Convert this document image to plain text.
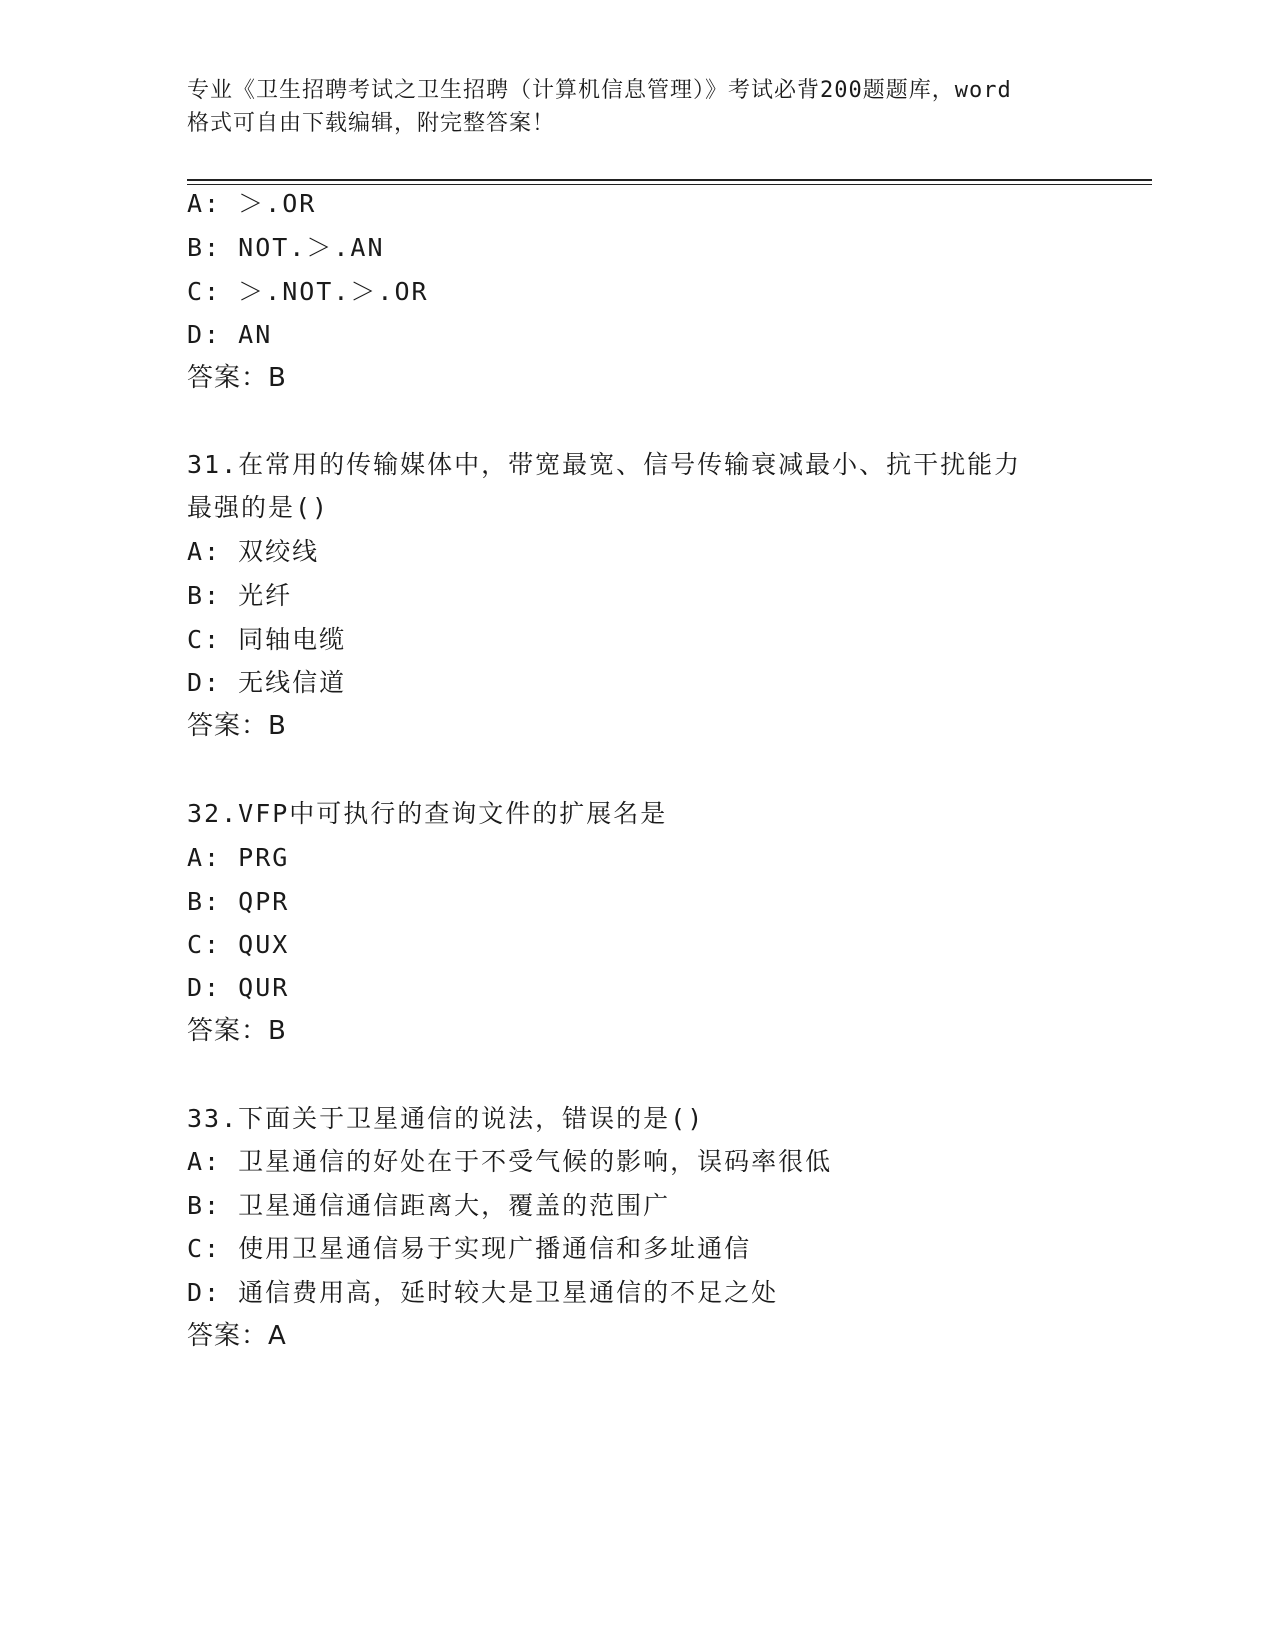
专业《卫生招聘考试之卫生招聘（计算机信息管理）》考试必背200题题库，word
格式可自由下载编辑，附完整答案！
A: ＞.OR
B: NOT.＞.AN
C: ＞.NOT.＞.OR
D: AN
答案：B
31.在常用的传输媒体中，带宽最宽、信号传输衰减最小、抗干扰能力
最强的是()
A: 双绞线
B: 光纤
C: 同轴电缆
D: 无线信道
答案：B
32.VFP中可执行的查询文件的扩展名是
A: PRG
B: QPR
C: QUX
D: QUR
答案：B
33.下面关于卫星通信的说法，错误的是()
A: 卫星通信的好处在于不受气候的影响，误码率很低
B: 卫星通信通信距离大，覆盖的范围广
C: 使用卫星通信易于实现广播通信和多址通信
D: 通信费用高，延时较大是卫星通信的不足之处
答案：A
